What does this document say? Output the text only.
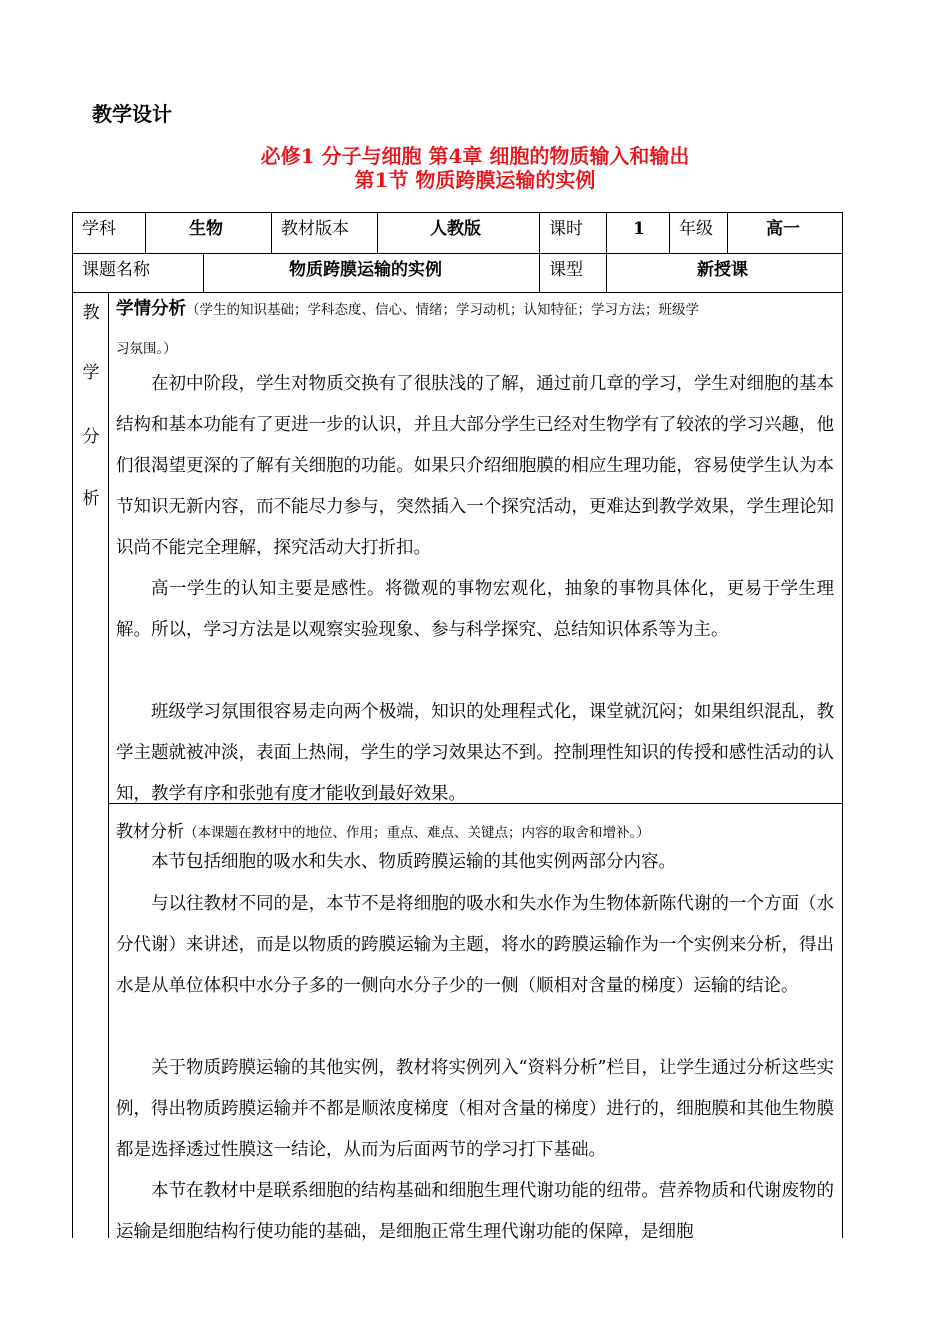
教学设计
必修1 分子与细胞 第4章 细胞的物质输入和输出
第1节 物质跨膜运输的实例
学科	生物	教材版本	人教版	课时	1 年级	高一
课题名称	物质跨膜运输的实例	课型	新授课
教
学
分
析
学情分析（学生的知识基础；学科态度、信心、情绪；学习动机；认知特征；学习方法；班级学
习氛围。）

在初中阶段，学生对物质交换有了很肤浅的了解，通过前几章的学习，学生对细胞的基本结构和基本功能有了更进一步的认识，并且大部分学生已经对生物学有了较浓的学习兴趣，他们很渴望更深的了解有关细胞的功能。如果只介绍细胞膜的相应生理功能，容易使学生认为本节知识无新内容，而不能尽力参与，突然插入一个探究活动，更难达到教学效果，学生理论知识尚不能完全理解，探究活动大打折扣。

高一学生的认知主要是感性。将微观的事物宏观化，抽象的事物具体化，更易于学生理解。所以，学习方法是以观察实验现象、参与科学探究、总结知识体系等为主。

班级学习氛围很容易走向两个极端，知识的处理程式化，课堂就沉闷；如果组织混乱，教学主题就被冲淡，表面上热闹，学生的学习效果达不到。控制理性知识的传授和感性活动的认知，教学有序和张弛有度才能收到最好效果。

教材分析（本课题在教材中的地位、作用；重点、难点、关键点；内容的取舍和增补。）

本节包括细胞的吸水和失水、物质跨膜运输的其他实例两部分内容。

与以往教材不同的是，本节不是将细胞的吸水和失水作为生物体新陈代谢的一个方面（水分代谢）来讲述，而是以物质的跨膜运输为主题，将水的跨膜运输作为一个实例来分析，得出水是从单位体积中水分子多的一侧向水分子少的一侧（顺相对含量的梯度）运输的结论。

关于物质跨膜运输的其他实例，教材将实例列入“资料分析”栏目，让学生通过分析这些实例，得出物质跨膜运输并不都是顺浓度梯度（相对含量的梯度）进行的，细胞膜和其他生物膜都是选择透过性膜这一结论，从而为后面两节的学习打下基础。

本节在教材中是联系细胞的结构基础和细胞生理代谢功能的纽带。营养物质和代谢废物的运输是细胞结构行使功能的基础，是细胞正常生理代谢功能的保障，是细胞
